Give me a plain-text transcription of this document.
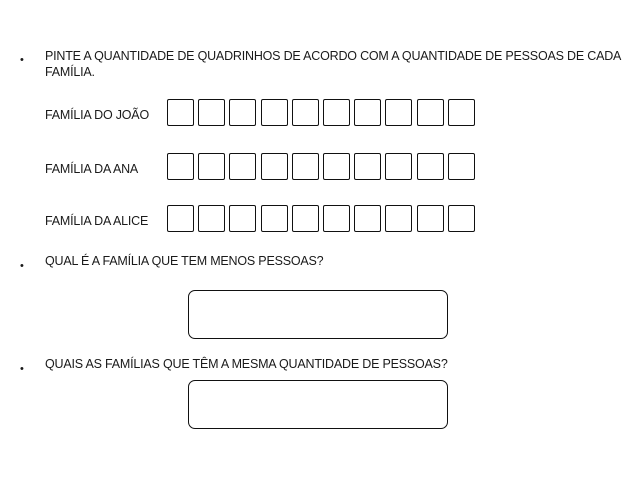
• PINTE A QUANTIDADE DE QUADRINHOS DE ACORDO COM A QUANTIDADE DE PESSOAS DE CADA FAMÍLIA.
FAMÍLIA DO JOÃO
FAMÍLIA DA ANA
FAMÍLIA DA ALICE
• QUAL É A FAMÍLIA QUE TEM MENOS PESSOAS?
• QUAIS AS FAMÍLIAS QUE TÊM A MESMA QUANTIDADE DE PESSOAS?
